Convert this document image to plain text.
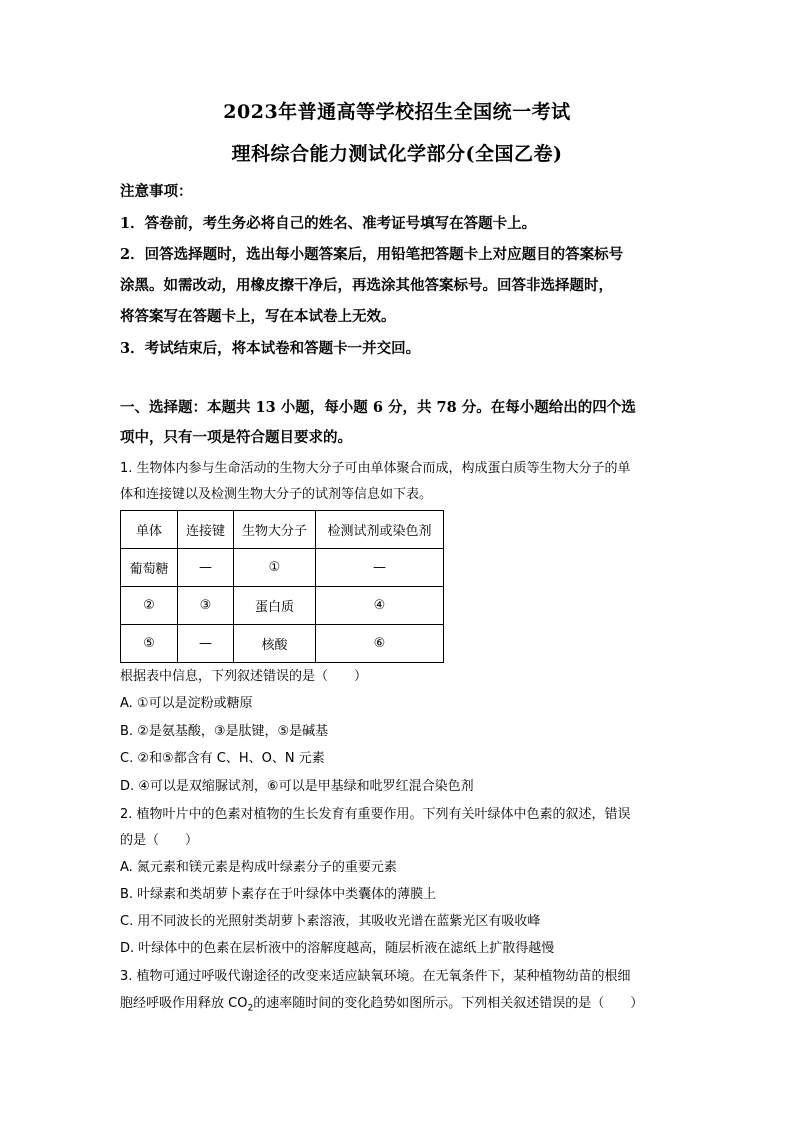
2023年普通高等学校招生全国统一考试
理科综合能力测试化学部分(全国乙卷)
注意事项：
1．答卷前，考生务必将自己的姓名、准考证号填写在答题卡上。
2．回答选择题时，选出每小题答案后，用铅笔把答题卡上对应题目的答案标号
涂黑。如需改动，用橡皮擦干净后，再选涂其他答案标号。回答非选择题时，
将答案写在答题卡上，写在本试卷上无效。
3．考试结束后，将本试卷和答题卡一并交回。
一、选择题：本题共 13 小题，每小题 6 分，共 78 分。在每小题给出的四个选
项中，只有一项是符合题目要求的。
1. 生物体内参与生命活动的生物大分子可由单体聚合而成，构成蛋白质等生物大分子的单
体和连接键以及检测生物大分子的试剂等信息如下表。
单体	连接键	生物大分子	检测试剂或染色剂
葡萄糖	—	①	—
②	③	蛋白质	④
⑤	—	核酸	⑥
根据表中信息，下列叙述错误的是（　　）
A. ①可以是淀粉或糖原
B. ②是氨基酸，③是肽键，⑤是碱基
C. ②和⑤都含有 C、H、O、N 元素
D. ④可以是双缩脲试剂，⑥可以是甲基绿和吡罗红混合染色剂
2. 植物叶片中的色素对植物的生长发育有重要作用。下列有关叶绿体中色素的叙述，错误
的是（　　）
A. 氮元素和镁元素是构成叶绿素分子的重要元素
B. 叶绿素和类胡萝卜素存在于叶绿体中类囊体的薄膜上
C. 用不同波长的光照射类胡萝卜素溶液，其吸收光谱在蓝紫光区有吸收峰
D. 叶绿体中的色素在层析液中的溶解度越高，随层析液在滤纸上扩散得越慢
3. 植物可通过呼吸代谢途径的改变来适应缺氧环境。在无氧条件下，某种植物幼苗的根细
胞经呼吸作用释放 $CO_2$的速率随时间的变化趋势如图所示。下列相关叙述错误的是（　　）
